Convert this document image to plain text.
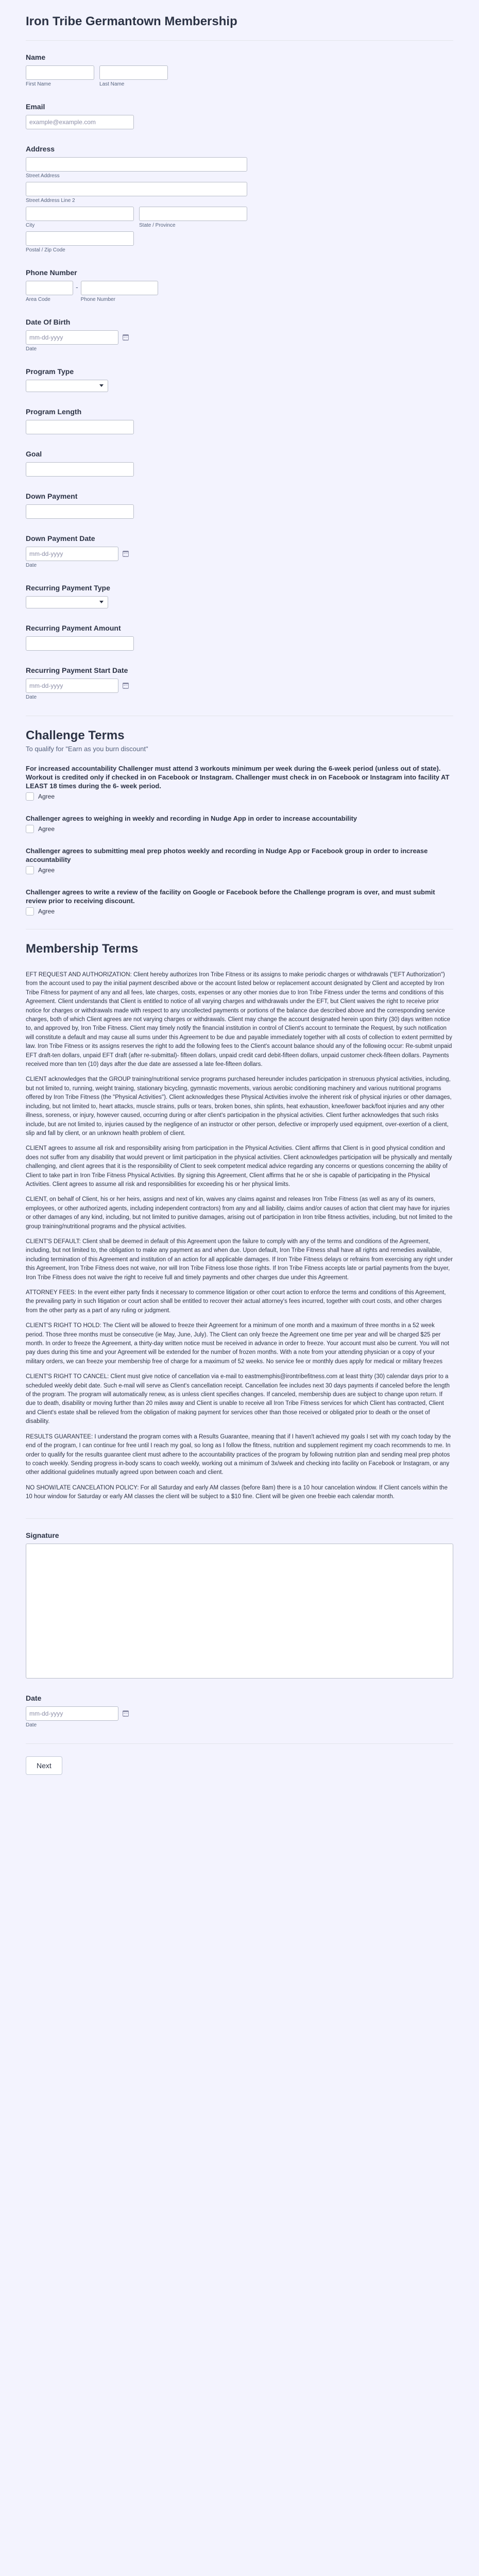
Iron Tribe Germantown Membership
Name
First Name	Last Name
Email
example@example.com
Address
Street Address
Street Address Line 2
City	State / Province
Postal / Zip Code
Phone Number
Area Code
-
Phone Number
Date Of Birth
mm-dd-yyyy
Date
Program Type
Program Length
Goal
Down Payment
Down Payment Date
mm-dd-yyyy
Date
Recurring Payment Type
Recurring Payment Amount
Recurring Payment Start Date
mm-dd-yyyy
Date
Challenge Terms
To qualify for "Earn as you burn discount"
For increased accountability Challenger must attend 3 workouts minimum per week during the 6-week period (unless out of state). Workout is credited only if checked in on Facebook or Instagram. Challenger must check in on Facebook or Instagram into facility AT LEAST 18 times during the 6- week period.
Agree
Challenger agrees to weighing in weekly and recording in Nudge App in order to increase accountability
Agree
Challenger agrees to submitting meal prep photos weekly and recording in Nudge App or Facebook group in order to increase accountability
Agree
Challenger agrees to write a review of the facility on Google or Facebook before the Challenge program is over, and must submit review prior to receiving discount.
Agree
Membership Terms

EFT REQUEST AND AUTHORIZATION: Client hereby authorizes Iron Tribe Fitness or its assigns to make periodic charges or withdrawals ("EFT Authorization") from the account used to pay the initial payment described above or the account listed below or replacement account designated by Client and accepted by Iron Tribe Fitness for payment of any and all fees, late charges, costs, expenses or any other monies due to Iron Tribe Fitness under the terms and conditions of this Agreement. Client understands that Client is entitled to notice of all varying charges and withdrawals under the EFT, but Client waives the right to receive prior notice for charges or withdrawals made with respect to any uncollected payments or portions of the balance due described above and the corresponding service charges, both of which Client agrees are not varying charges or withdrawals. Client may change the account designated herein upon thirty (30) days written notice to, and approved by, Iron Tribe Fitness. Client may timely notify the financial institution in control of Client's account to terminate the Request, by such notification will constitute a default and may cause all sums under this Agreement to be due and payable immediately together with all costs of collection to extent permitted by law. Iron Tribe Fitness or its assigns reserves the right to add the following fees to the Client's account balance should any of the following occur: Re-submit unpaid EFT draft-ten dollars, unpaid EFT draft (after re-submittal)- fifteen dollars, unpaid credit card debit-fifteen dollars, unpaid customer check-fifteen dollars. Payments received more than ten (10) days after the due date are assessed a late fee-fifteen dollars.

CLIENT acknowledges that the GROUP training/nutritional service programs purchased hereunder includes participation in strenuous physical activities, including, but not limited to, running, weight training, stationary bicycling, gymnastic movements, various aerobic conditioning machinery and various nutritional programs offered by Iron Tribe Fitness (the "Physical Activities"). Client acknowledges these Physical Activities involve the inherent risk of physical injuries or other damages, including, but not limited to, heart attacks, muscle strains, pulls or tears, broken bones, shin splints, heat exhaustion, knee/lower back/foot injuries and any other illness, soreness, or injury, however caused, occurring during or after client's participation in the physical activities. Client further acknowledges that such risks include, but are not limited to, injuries caused by the negligence of an instructor or other person, defective or improperly used equipment, over-exertion of a client, slip and fall by client, or an unknown health problem of client.

CLIENT agrees to assume all risk and responsibility arising from participation in the Physical Activities. Client affirms that Client is in good physical condition and does not suffer from any disability that would prevent or limit participation in the physical activities. Client acknowledges participation will be physically and mentally challenging, and client agrees that it is the responsibility of Client to seek competent medical advice regarding any concerns or questions concerning the ability of Client to take part in Iron Tribe Fitness Physical Activities. By signing this Agreement, Client affirms that he or she is capable of participating in the Physical Activities. Client agrees to assume all risk and responsibilities for exceeding his or her physical limits.

CLIENT, on behalf of Client, his or her heirs, assigns and next of kin, waives any claims against and releases Iron Tribe Fitness (as well as any of its owners, employees, or other authorized agents, including independent contractors) from any and all liability, claims and/or causes of action that client may have for injuries or other damages of any kind, including, but not limited to punitive damages, arising out of participation in Iron tribe fitness activities, including, but not limited to the group training/nutritional programs and the physical activities.

CLIENT'S DEFAULT: Client shall be deemed in default of this Agreement upon the failure to comply with any of the terms and conditions of the Agreement, including, but not limited to, the obligation to make any payment as and when due. Upon default, Iron Tribe Fitness shall have all rights and remedies available, including termination of this Agreement and institution of an action for all applicable damages. If Iron Tribe Fitness delays or refrains from exercising any right under this Agreement, Iron Tribe Fitness does not waive, nor will Iron Tribe Fitness lose those rights. If Iron Tribe Fitness accepts late or partial payments from the buyer, Iron Tribe Fitness does not waive the right to receive full and timely payments and other charges due under this Agreement.

ATTORNEY FEES: In the event either party finds it necessary to commence litigation or other court action to enforce the terms and conditions of this Agreement, the prevailing party in such litigation or court action shall be entitled to recover their actual attorney's fees incurred, together with court costs, and other charges from the other party as a part of any ruling or judgment.

CLIENT'S RIGHT TO HOLD: The Client will be allowed to freeze their Agreement for a minimum of one month and a maximum of three months in a 52 week period. Those three months must be consecutive (ie May, June, July). The Client can only freeze the Agreement one time per year and will be charged $25 per month. In order to freeze the Agreement, a thirty-day written notice must be received in advance in order to freeze. Your account must also be current. You will not pay dues during this time and your Agreement will be extended for the number of frozen months. With a note from your attending physician or a copy of your military orders, we can freeze your membership free of charge for a maximum of 52 weeks. No service fee or monthly dues apply for medical or military freezes

CLIENT'S RIGHT TO CANCEL: Client must give notice of cancellation via e-mail to eastmemphis@irontribefitness.com at least thirty (30) calendar days prior to a scheduled weekly debit date. Such e-mail will serve as Client's cancellation receipt. Cancellation fee includes next 30 days payments if canceled before the length of the program. The program will automatically renew, as is unless client specifies changes. If canceled, membership dues are subject to change upon return. If due to death, disability or moving further than 20 miles away and Client is unable to receive all Iron Tribe Fitness services for which Client has contracted, Client and Client's estate shall be relieved from the obligation of making payment for services other than those received or obligated prior to death or the onset of disability.

RESULTS GUARANTEE: I understand the program comes with a Results Guarantee, meaning that if I haven't achieved my goals I set with my coach today by the end of the program, I can continue for free until I reach my goal, so long as I follow the fitness, nutrition and supplement regiment my coach recommends to me. In order to qualify for the results guarantee client must adhere to the accountability practices of the program by following nutrition plan and sending meal prep photos to coach weekly. Sending progress in-body scans to coach weekly, working out a minimum of 3x/week and checking into facility on Facebook or Instagram, or any other additional guidelines mutually agreed upon between coach and client.

NO SHOW/LATE CANCELATION POLICY: For all Saturday and early AM classes (before 8am) there is a 10 hour cancelation window. If Client cancels within the 10 hour window for Saturday or early AM classes the client will be subject to a $10 fine. Client will be given one freebie each calendar month.

Signature
Date
mm-dd-yyyy
Date
Next
